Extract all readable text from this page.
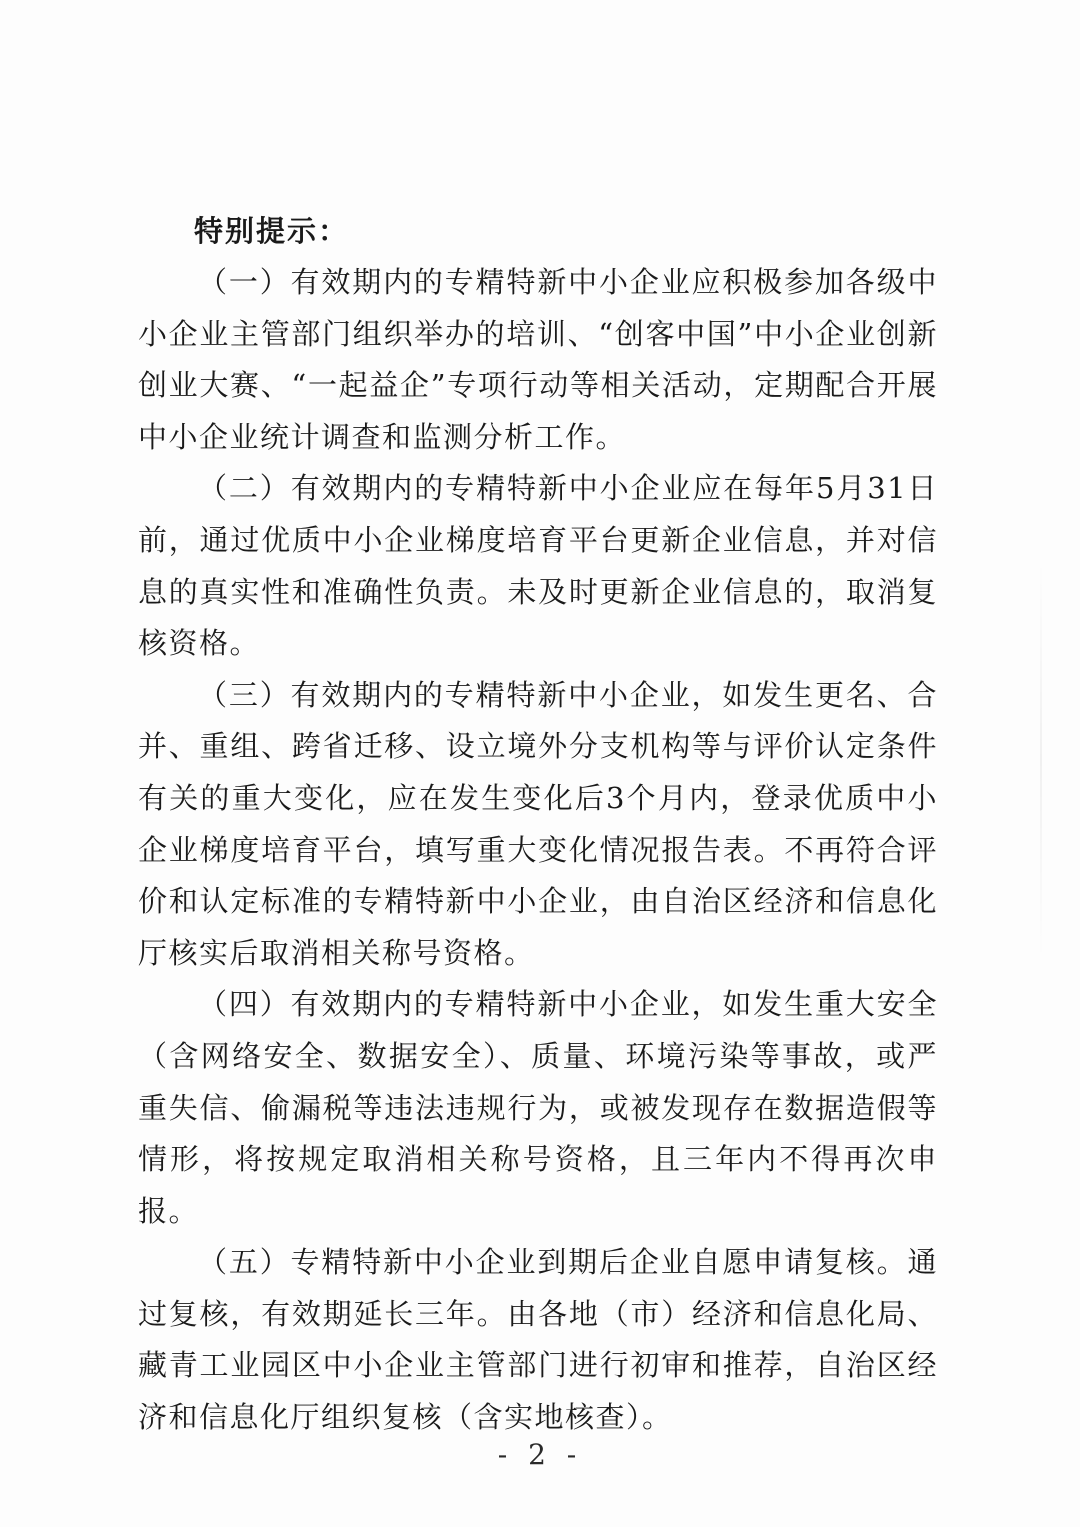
特别提示：

（一）有效期内的专精特新中小企业应积极参加各级中小企业主管部门组织举办的培训、“创客中国”中小企业创新创业大赛、“一起益企”专项行动等相关活动，定期配合开展中小企业统计调查和监测分析工作。

（二）有效期内的专精特新中小企业应在每年5月31日前，通过优质中小企业梯度培育平台更新企业信息，并对信息的真实性和准确性负责。未及时更新企业信息的，取消复核资格。

（三）有效期内的专精特新中小企业，如发生更名、合并、重组、跨省迁移、设立境外分支机构等与评价认定条件有关的重大变化，应在发生变化后3个月内，登录优质中小企业梯度培育平台，填写重大变化情况报告表。不再符合评价和认定标准的专精特新中小企业，由自治区经济和信息化厅核实后取消相关称号资格。

（四）有效期内的专精特新中小企业，如发生重大安全（含网络安全、数据安全）、质量、环境污染等事故，或严重失信、偷漏税等违法违规行为，或被发现存在数据造假等情形，将按规定取消相关称号资格，且三年内不得再次申报。

（五）专精特新中小企业到期后企业自愿申请复核。通过复核，有效期延长三年。由各地（市）经济和信息化局、藏青工业园区中小企业主管部门进行初审和推荐，自治区经济和信息化厅组织复核（含实地核查）。

- 2 -
